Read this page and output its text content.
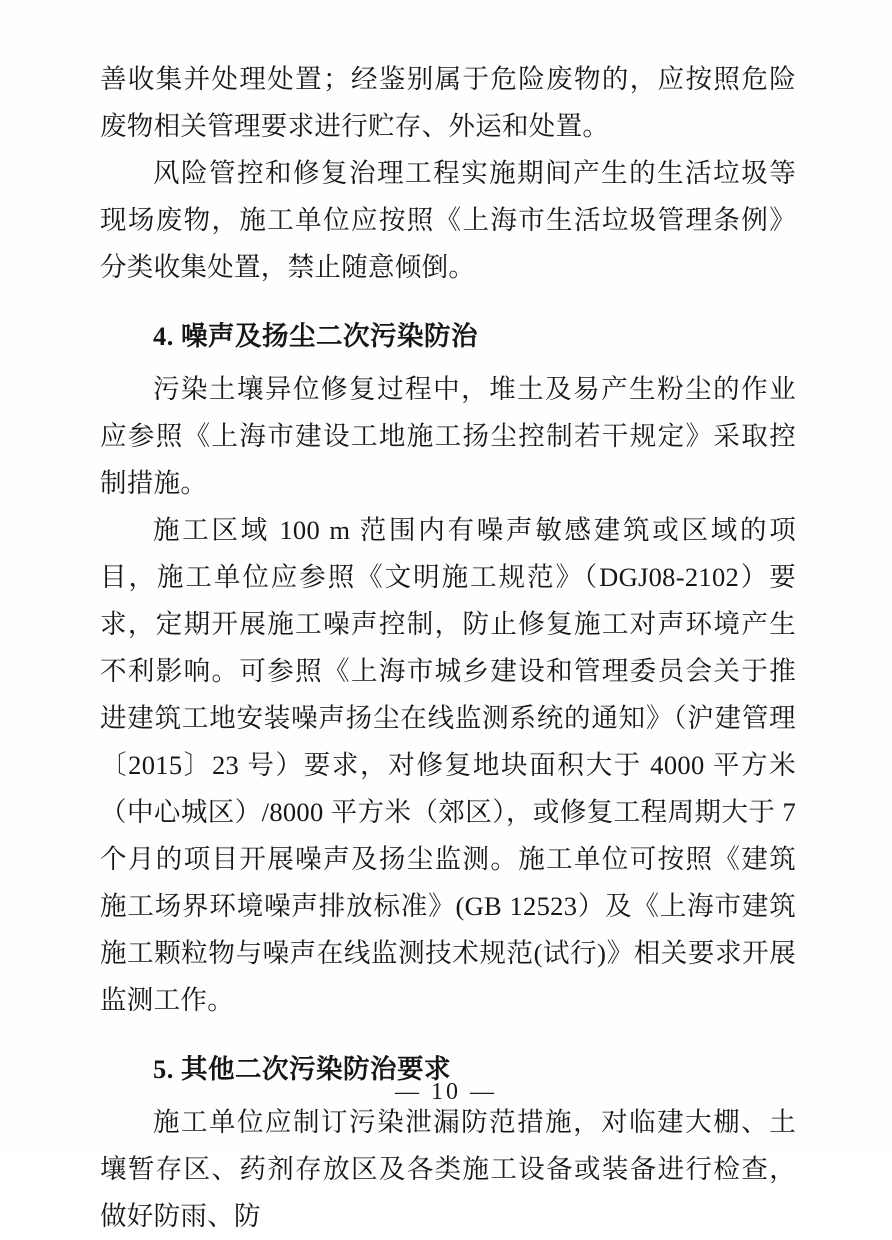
善收集并处理处置；经鉴别属于危险废物的，应按照危险废物相关管理要求进行贮存、外运和处置。

风险管控和修复治理工程实施期间产生的生活垃圾等现场废物，施工单位应按照《上海市生活垃圾管理条例》分类收集处置，禁止随意倾倒。

4. 噪声及扬尘二次污染防治

污染土壤异位修复过程中，堆土及易产生粉尘的作业应参照《上海市建设工地施工扬尘控制若干规定》采取控制措施。

施工区域 100 m 范围内有噪声敏感建筑或区域的项目，施工单位应参照《文明施工规范》（DGJ08-2102）要求，定期开展施工噪声控制，防止修复施工对声环境产生不利影响。可参照《上海市城乡建设和管理委员会关于推进建筑工地安装噪声扬尘在线监测系统的通知》（沪建管理〔2015〕23 号）要求，对修复地块面积大于 4000 平方米（中心城区）/8000 平方米（郊区），或修复工程周期大于 7 个月的项目开展噪声及扬尘监测。施工单位可按照《建筑施工场界环境噪声排放标准》(GB 12523）及《上海市建筑施工颗粒物与噪声在线监测技术规范(试行)》相关要求开展监测工作。

5. 其他二次污染防治要求

施工单位应制订污染泄漏防范措施，对临建大棚、土壤暂存区、药剂存放区及各类施工设备或装备进行检查，做好防雨、防

— 10 —
